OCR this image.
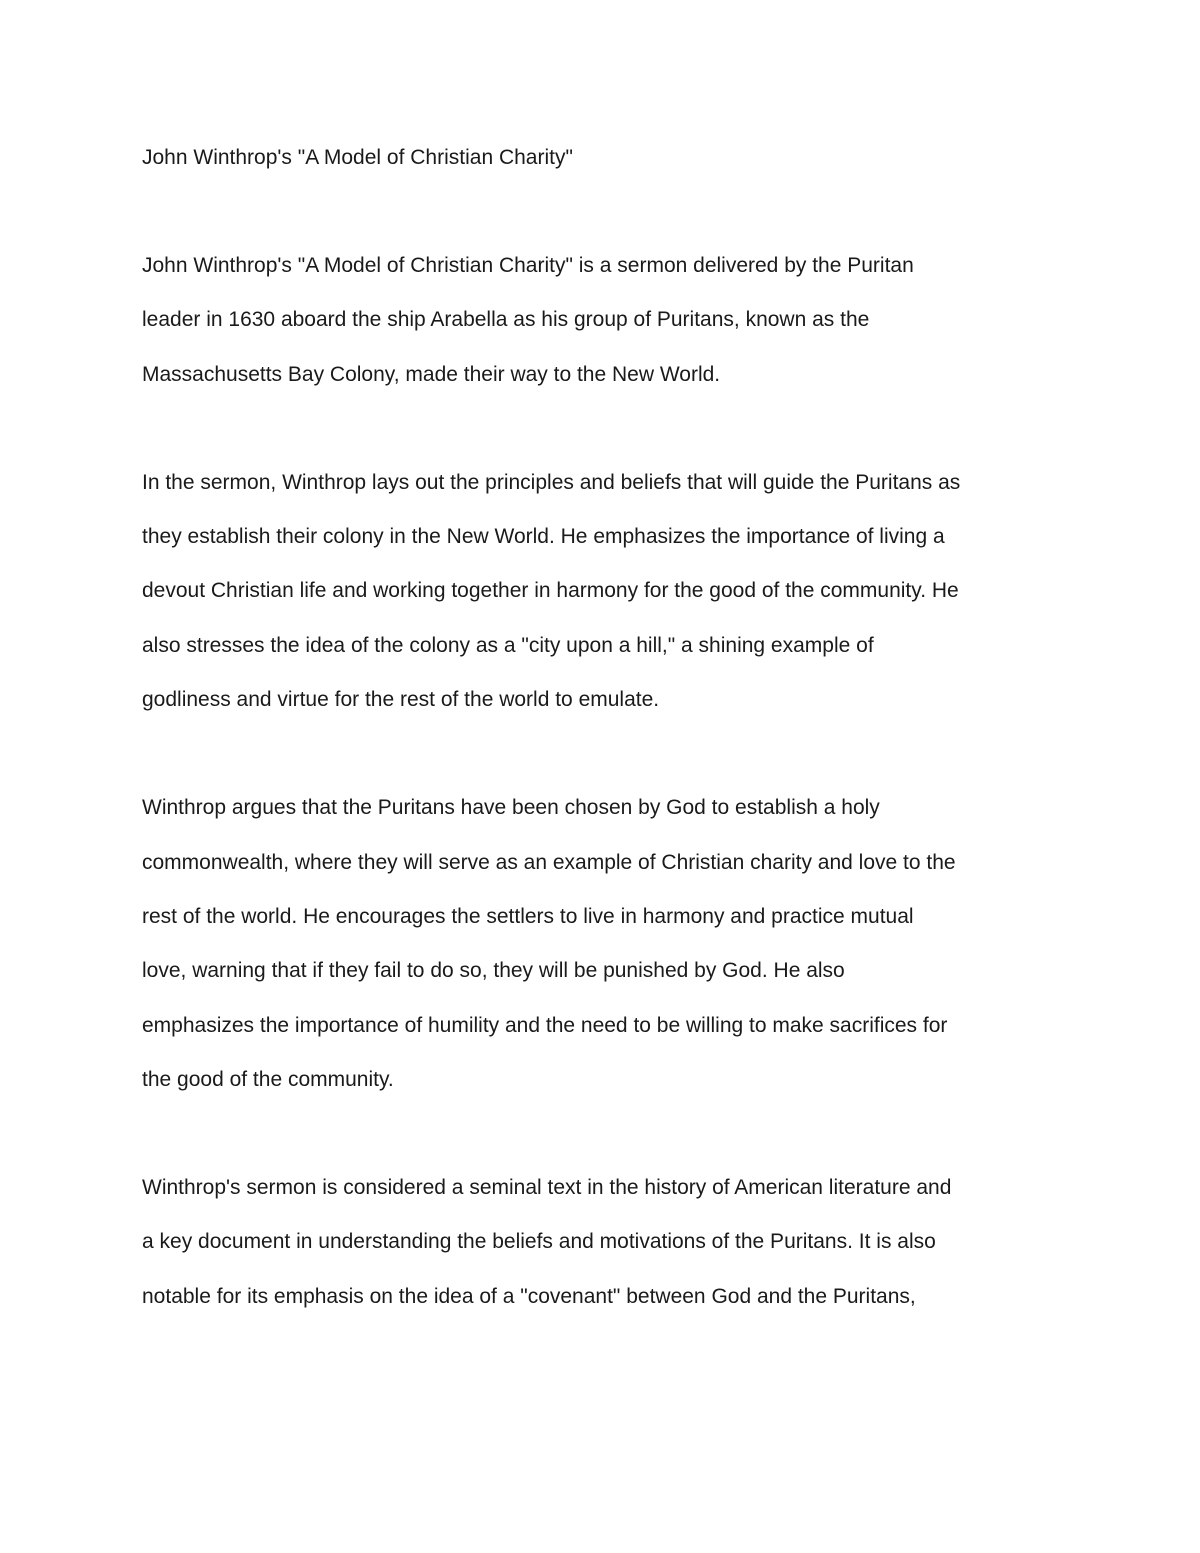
John Winthrop's "A Model of Christian Charity"

John Winthrop's "A Model of Christian Charity" is a sermon delivered by the Puritan
leader in 1630 aboard the ship Arabella as his group of Puritans, known as the
Massachusetts Bay Colony, made their way to the New World.

In the sermon, Winthrop lays out the principles and beliefs that will guide the Puritans as
they establish their colony in the New World. He emphasizes the importance of living a
devout Christian life and working together in harmony for the good of the community. He
also stresses the idea of the colony as a "city upon a hill," a shining example of
godliness and virtue for the rest of the world to emulate.

Winthrop argues that the Puritans have been chosen by God to establish a holy
commonwealth, where they will serve as an example of Christian charity and love to the
rest of the world. He encourages the settlers to live in harmony and practice mutual
love, warning that if they fail to do so, they will be punished by God. He also
emphasizes the importance of humility and the need to be willing to make sacrifices for
the good of the community.

Winthrop's sermon is considered a seminal text in the history of American literature and
a key document in understanding the beliefs and motivations of the Puritans. It is also
notable for its emphasis on the idea of a "covenant" between God and the Puritans,
